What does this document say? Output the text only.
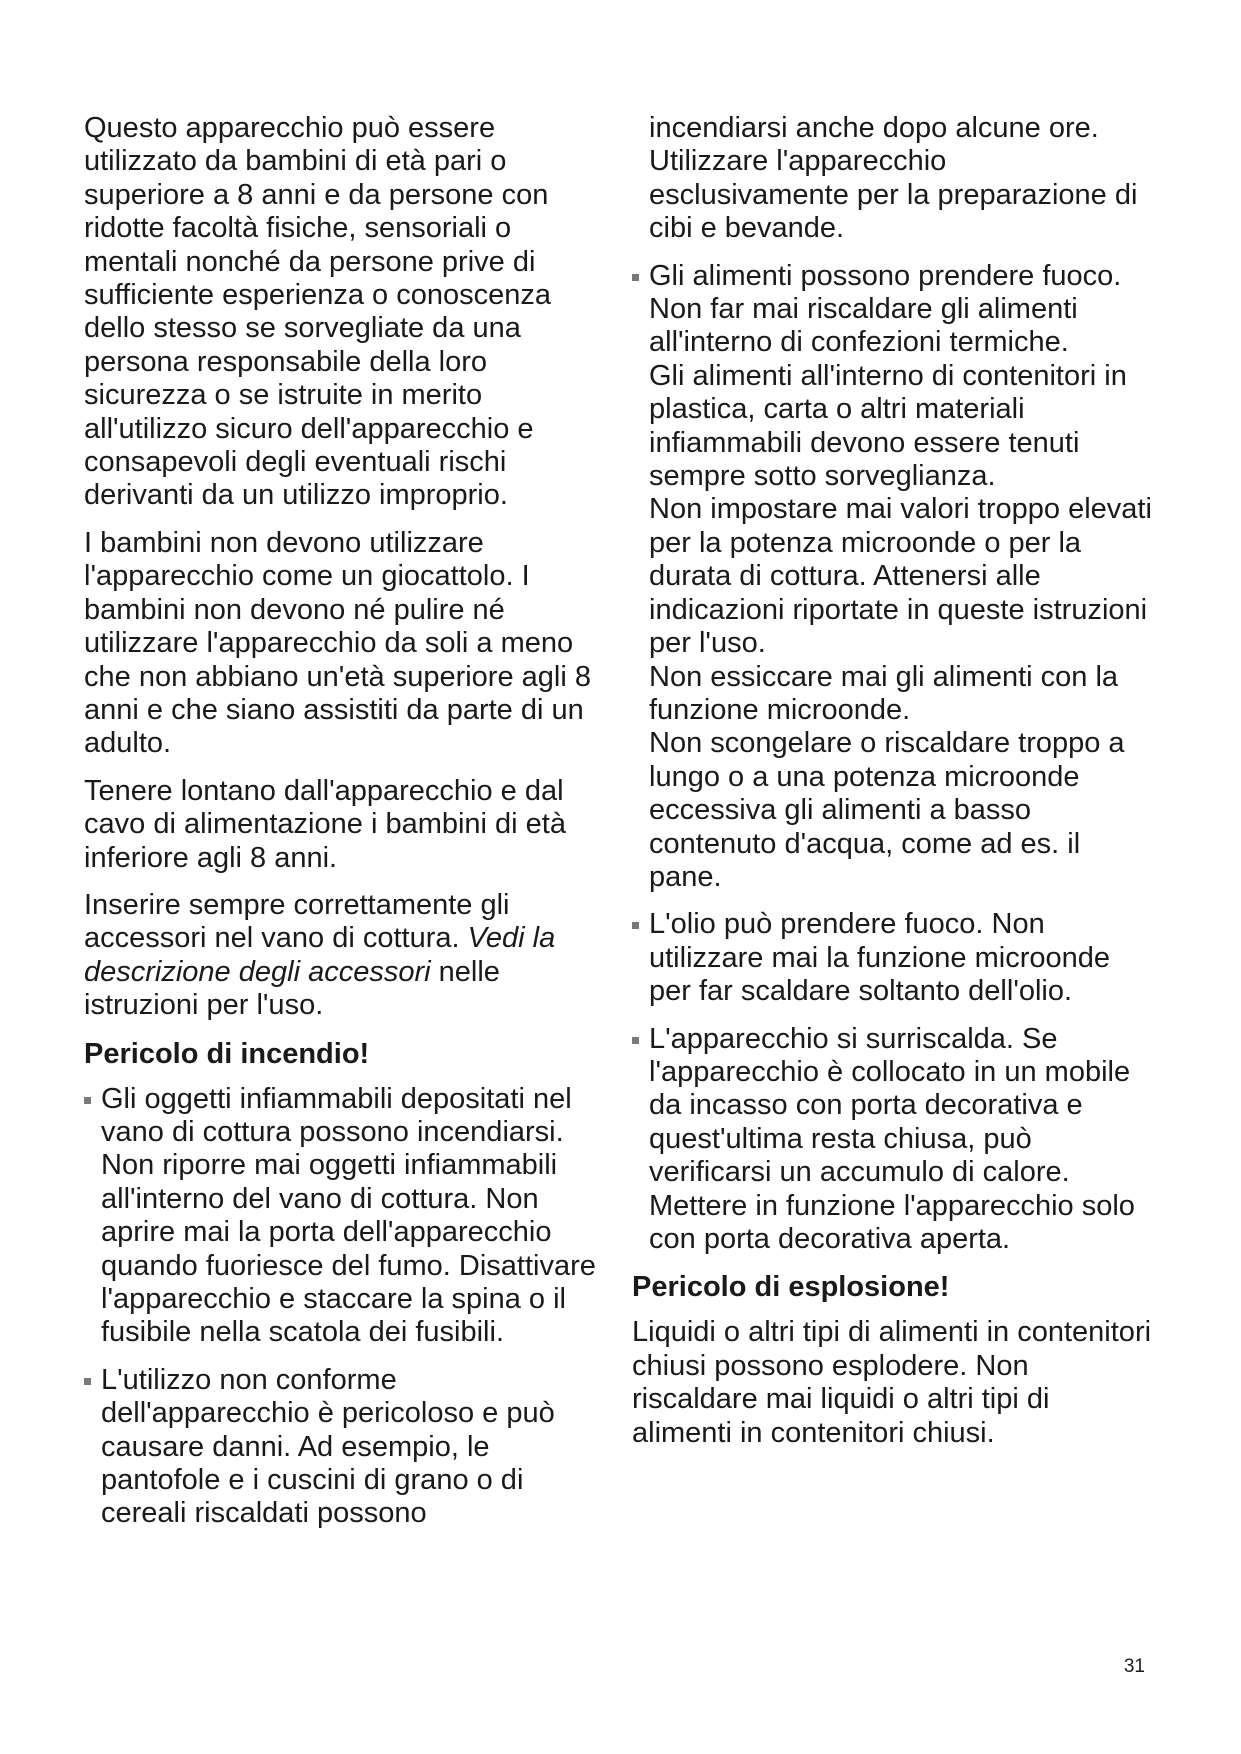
Questo apparecchio può essere utilizzato da bambini di età pari o superiore a 8 anni e da persone con ridotte facoltà fisiche, sensoriali o mentali nonché da persone prive di sufficiente esperienza o conoscenza dello stesso se sorvegliate da una persona responsabile della loro sicurezza o se istruite in merito all'utilizzo sicuro dell'apparecchio e consapevoli degli eventuali rischi derivanti da un utilizzo improprio.

I bambini non devono utilizzare l'apparecchio come un giocattolo. I bambini non devono né pulire né utilizzare l'apparecchio da soli a meno che non abbiano un'età superiore agli 8 anni e che siano assistiti da parte di un adulto.

Tenere lontano dall'apparecchio e dal cavo di alimentazione i bambini di età inferiore agli 8 anni.

Inserire sempre correttamente gli accessori nel vano di cottura. Vedi la descrizione degli accessori nelle istruzioni per l'uso.

Pericolo di incendio!
Gli oggetti infiammabili depositati nel vano di cottura possono incendiarsi. Non riporre mai oggetti infiammabili all'interno del vano di cottura. Non aprire mai la porta dell'apparecchio quando fuoriesce del fumo. Disattivare l'apparecchio e staccare la spina o il fusibile nella scatola dei fusibili.
L'utilizzo non conforme dell'apparecchio è pericoloso e può causare danni. Ad esempio, le pantofole e i cuscini di grano o di cereali riscaldati possono

incendiarsi anche dopo alcune ore. Utilizzare l'apparecchio esclusivamente per la preparazione di cibi e bevande.

Gli alimenti possono prendere fuoco. Non far mai riscaldare gli alimenti all'interno di confezioni termiche.
Gli alimenti all'interno di contenitori in plastica, carta o altri materiali infiammabili devono essere tenuti sempre sotto sorveglianza.
Non impostare mai valori troppo elevati per la potenza microonde o per la durata di cottura. Attenersi alle indicazioni riportate in queste istruzioni per l'uso.
Non essiccare mai gli alimenti con la funzione microonde.
Non scongelare o riscaldare troppo a lungo o a una potenza microonde eccessiva gli alimenti a basso contenuto d'acqua, come ad es. il pane.
L'olio può prendere fuoco. Non utilizzare mai la funzione microonde per far scaldare soltanto dell'olio.
L'apparecchio si surriscalda. Se l'apparecchio è collocato in un mobile da incasso con porta decorativa e quest'ultima resta chiusa, può verificarsi un accumulo di calore. Mettere in funzione l'apparecchio solo con porta decorativa aperta.
Pericolo di esplosione!

Liquidi o altri tipi di alimenti in contenitori chiusi possono esplodere. Non riscaldare mai liquidi o altri tipi di alimenti in contenitori chiusi.

31
